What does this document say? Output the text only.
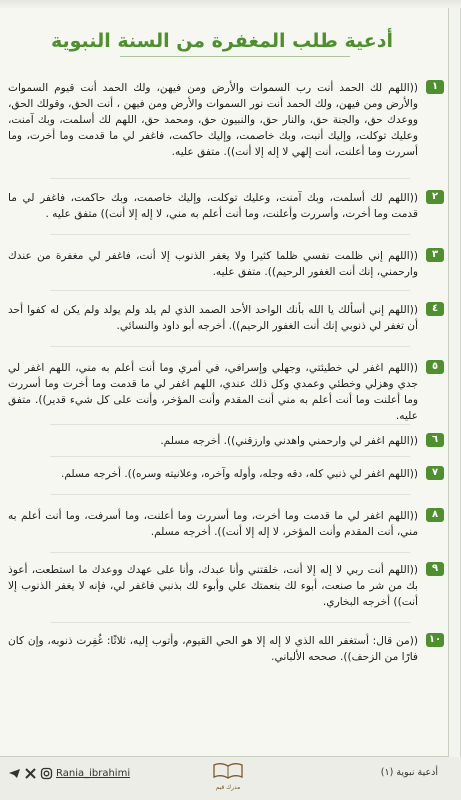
أدعية طلب المغفرة من السنة النبوية
١
((اللهم لك الحمد أنت رب السموات والأرض ومن فيهن، ولك الحمد أنت قيوم السموات والأرض ومن فيهن، ولك الحمد أنت نور السموات والأرض ومن فيهن ، أنت الحق، وقولك الحق، ووعدك حق، والجنة حق، والنار حق، والنبيون حق، ومحمد حق، اللهم لك أسلمت، وبك آمنت، وعليك توكلت، وإليك أنبت، وبك خاصمت، وإليك حاكمت، فاغفر لي ما قدمت وما أخرت، وما أسررت وما أعلنت، أنت إلهي لا إله إلا أنت)). متفق عليه.
٢
((اللهم لك أسلمت، وبك آمنت، وعليك توكلت، وإليك خاصمت، وبك حاكمت، فاغفر لي ما قدمت وما أخرت، وأسررت وأعلنت، وما أنت أعلم به مني، لا إله إلا أنت)) متفق عليه .
٣
((اللهم إني ظلمت نفسي ظلما كثيرا ولا يغفر الذنوب إلا أنت، فاغفر لي مغفرة من عندك وارحمني، إنك أنت الغفور الرحيم)). متفق عليه.
٤
((اللهم إني أسألك يا الله بأنك الواحد الأحد الصمد الذي لم يلد ولم يولد ولم يكن له كفوا أحد أن تغفر لي ذنوبي إنك أنت الغفور الرحيم)). أخرجه أبو داود والنسائي.
٥
((اللهم اغفر لي خطيئتي، وجهلي وإسرافي، في أمري وما أنت أعلم به مني، اللهم اغفر لي جدي وهزلي وخطئي وعمدي وكل ذلك عندي، اللهم اغفر لي ما قدمت وما أخرت وما أسررت وما أعلنت وما أنت أعلم به مني أنت المقدم وأنت المؤخر، وأنت على كل شيء قدير)). متفق عليه.
٦
((اللهم اغفر لي وارحمني واهدني وارزقني)). أخرجه مسلم.
٧
((اللهم اغفر لي ذنبي كله، دقه وجله، وأوله وآخره، وعلانيته وسره)). أخرجه مسلم.
٨
((اللهم اغفر لي ما قدمت وما أخرت، وما أسررت وما أعلنت، وما أسرفت، وما أنت أعلم به مني، أنت المقدم وأنت المؤخر، لا إله إلا أنت)). أخرجه مسلم.
٩
((اللهم أنت ربي لا إله إلا أنت، خلقتني وأنا عبدك، وأنا على عهدك ووعدك ما استطعت، أعوذ بك من شر ما صنعت، أبوء لك بنعمتك علي وأبوء لك بذنبي فاغفر لي، فإنه لا يغفر الذنوب إلا أنت)) أخرجه البخاري.
١٠
((من قال: أستغفر الله الذي لا إله إلا هو الحي القيوم، وأتوب إليه، ثلاثًا: غُفِرت ذنوبه، وإن كان فارًا من الزحف)). صححه الألباني.
Rania_ibrahimi
مدرك قيم
أدعية نبوية (١)
